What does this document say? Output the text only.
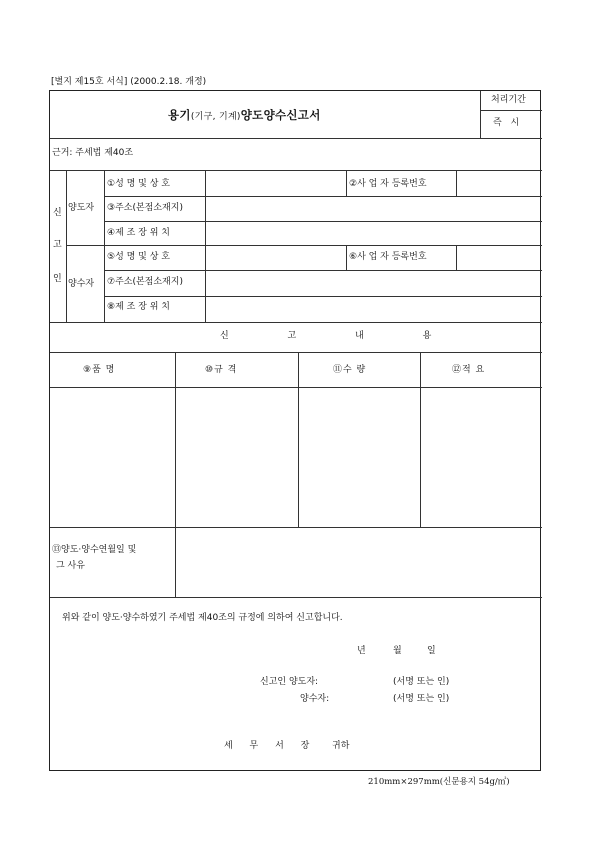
[별지 제15호 서식] (2000.2.18. 개정)
용기(기구, 기계)양도양수신고서
처리기간
즉 시
근거: 주세법 제40조
신
고
인
양도자
①성 명 및 상 호	②사 업 자 등록번호
③주소(본점소재지)
④제 조 장 위 치
양수자
⑤성 명 및 상 호	⑥사 업 자 등록번호
⑦주소(본점소재지)
⑧제 조 장 위 치
신 고 내 용
⑨품 명	⑩규 격	⑪수 량	⑫적 요
⑬양도·양수연월일 및
그 사유
위와 같이 양도·양수하였기 주세법 제40조의 규정에 의하여 신고합니다.
년	월	일
신고인 양도자:	(서명 또는 인)
양수자:	(서명 또는 인)
세 무 서 장 귀하
210mm×297mm(신문용지 54g/㎡)
